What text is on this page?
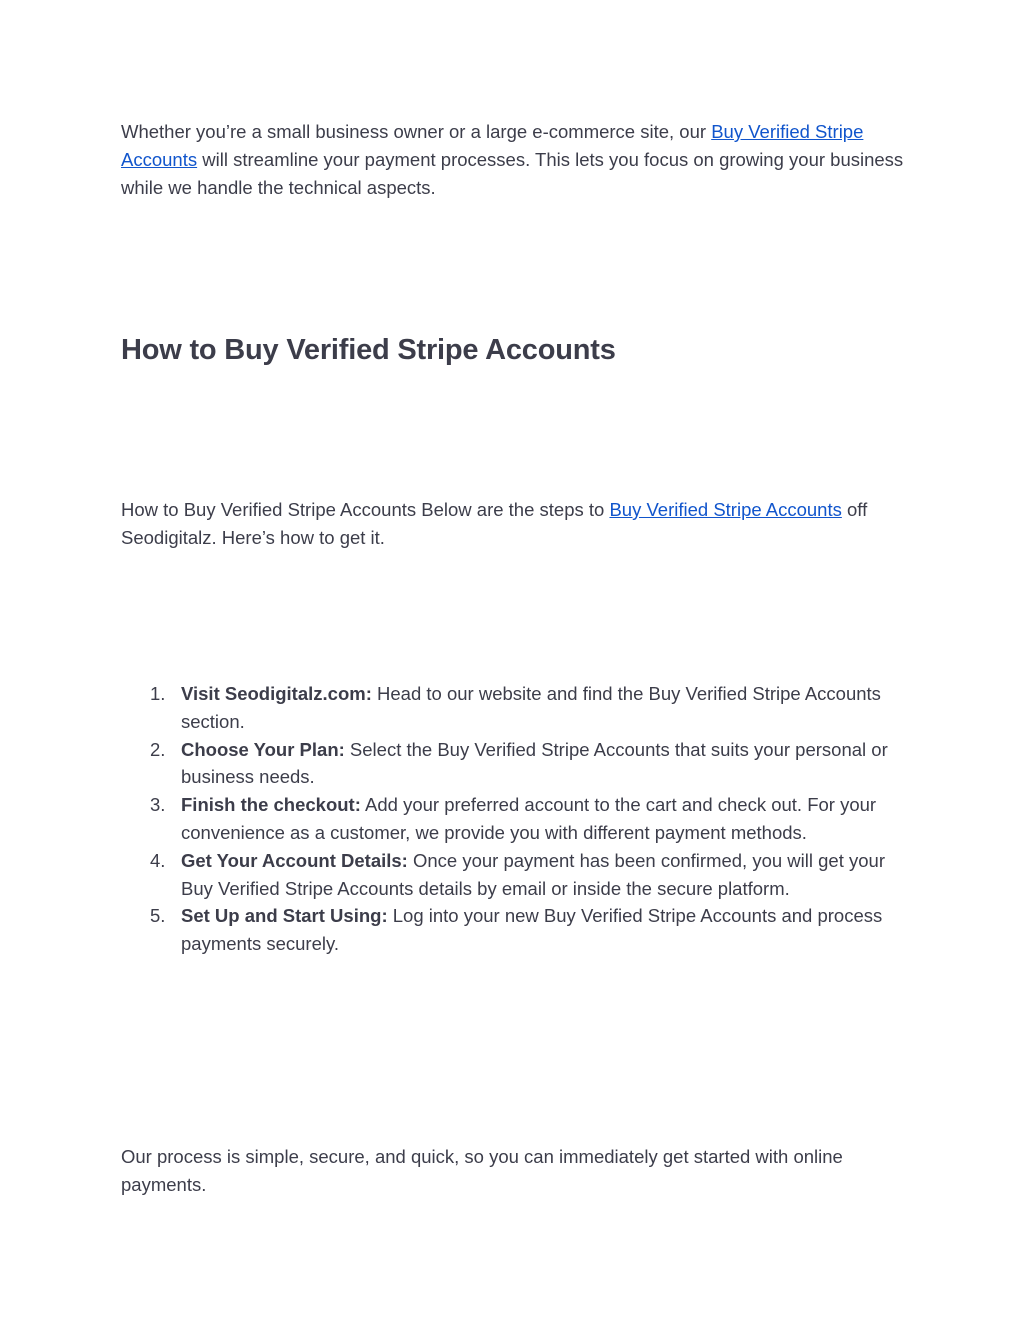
Whether you’re a small business owner or a large e-commerce site, our Buy Verified Stripe Accounts will streamline your payment processes. This lets you focus on growing your business while we handle the technical aspects.

How to Buy Verified Stripe Accounts

How to Buy Verified Stripe Accounts Below are the steps to Buy Verified Stripe Accounts off Seodigitalz. Here’s how to get it.

1. Visit Seodigitalz.com: Head to our website and find the Buy Verified Stripe Accounts section.
2. Choose Your Plan: Select the Buy Verified Stripe Accounts that suits your personal or business needs.
3. Finish the checkout: Add your preferred account to the cart and check out. For your convenience as a customer, we provide you with different payment methods.
4. Get Your Account Details: Once your payment has been confirmed, you will get your Buy Verified Stripe Accounts details by email or inside the secure platform.
5. Set Up and Start Using: Log into your new Buy Verified Stripe Accounts and process payments securely.

Our process is simple, secure, and quick, so you can immediately get started with online payments.
